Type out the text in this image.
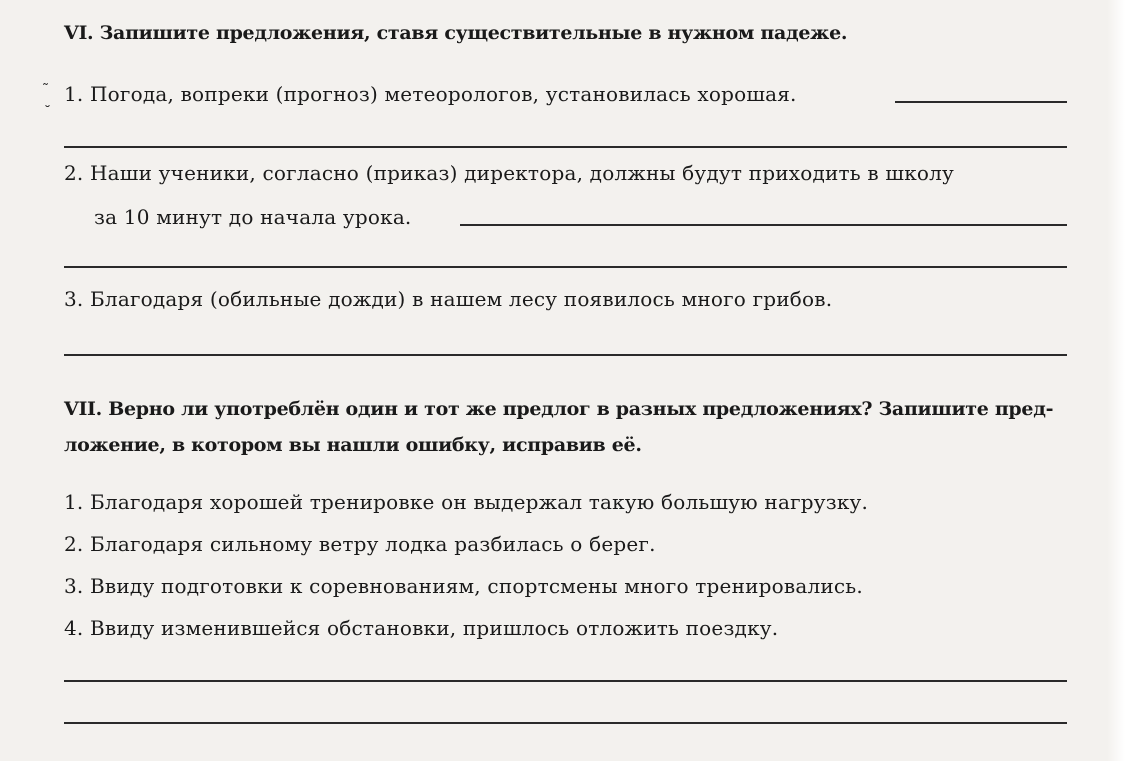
VI. Запишите предложения, ставя существительные в нужном падеже.
˜
˘
1. Погода, вопреки (прогноз) метеорологов, установилась хорошая.
2. Наши ученики, согласно (приказ) директора, должны будут приходить в школу
за 10 минут до начала урока.
3. Благодаря (обильные дожди) в нашем лесу появилось много грибов.
VII. Верно ли употреблён один и тот же предлог в разных предложениях? Запишите пред-
ложение, в котором вы нашли ошибку, исправив её.
1. Благодаря хорошей тренировке он выдержал такую большую нагрузку.
2. Благодаря сильному ветру лодка разбилась о берег.
3. Ввиду подготовки к соревнованиям, спортсмены много тренировались.
4. Ввиду изменившейся обстановки, пришлось отложить поездку.
